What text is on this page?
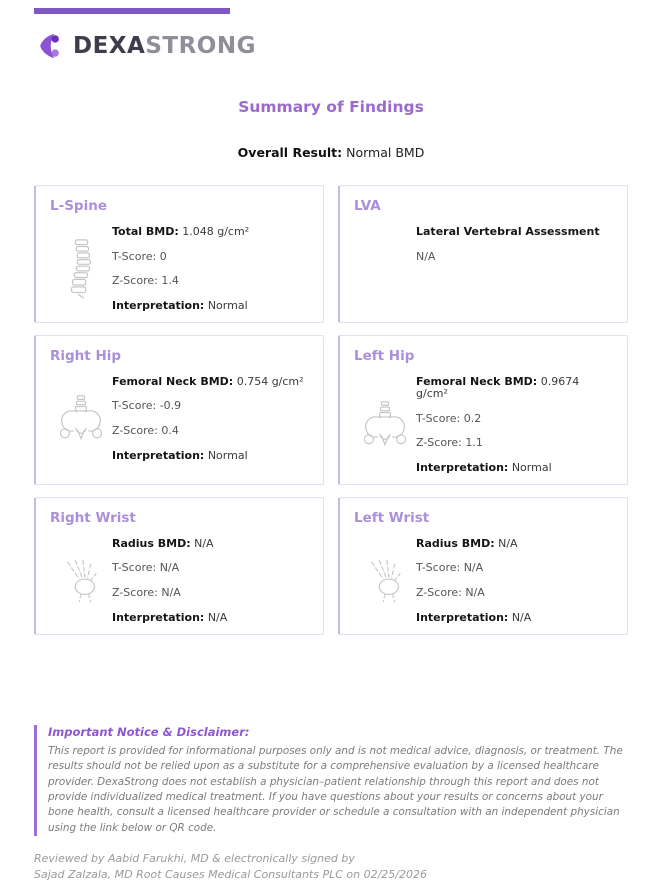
DEXASTRONG
Summary of Findings
Overall Result: Normal BMD
L-Spine

Total BMD: 1.048 g/cm²

T-Score: 0

Z-Score: 1.4

Interpretation: Normal

LVA

Lateral Vertebral Assessment

N/A

Right Hip

Femoral Neck BMD: 0.754 g/cm²

T-Score: -0.9

Z-Score: 0.4

Interpretation: Normal

Left Hip

Femoral Neck BMD: 0.9674 g/cm²

T-Score: 0.2

Z-Score: 1.1

Interpretation: Normal

Right Wrist

Radius BMD: N/A

T-Score: N/A

Z-Score: N/A

Interpretation: N/A

Left Wrist

Radius BMD: N/A

T-Score: N/A

Z-Score: N/A

Interpretation: N/A

Important Notice & Disclaimer:
This report is provided for informational purposes only and is not medical advice, diagnosis, or treatment. The results should not be relied upon as a substitute for a comprehensive evaluation by a licensed healthcare provider. DexaStrong does not establish a physician–patient relationship through this report and does not provide individualized medical treatment. If you have questions about your results or concerns about your bone health, consult a licensed healthcare provider or schedule a consultation with an independent physician using the link below or QR code.
Reviewed by Aabid Farukhi, MD & electronically signed by
Sajad Zalzala, MD Root Causes Medical Consultants PLC on 02/25/2026
